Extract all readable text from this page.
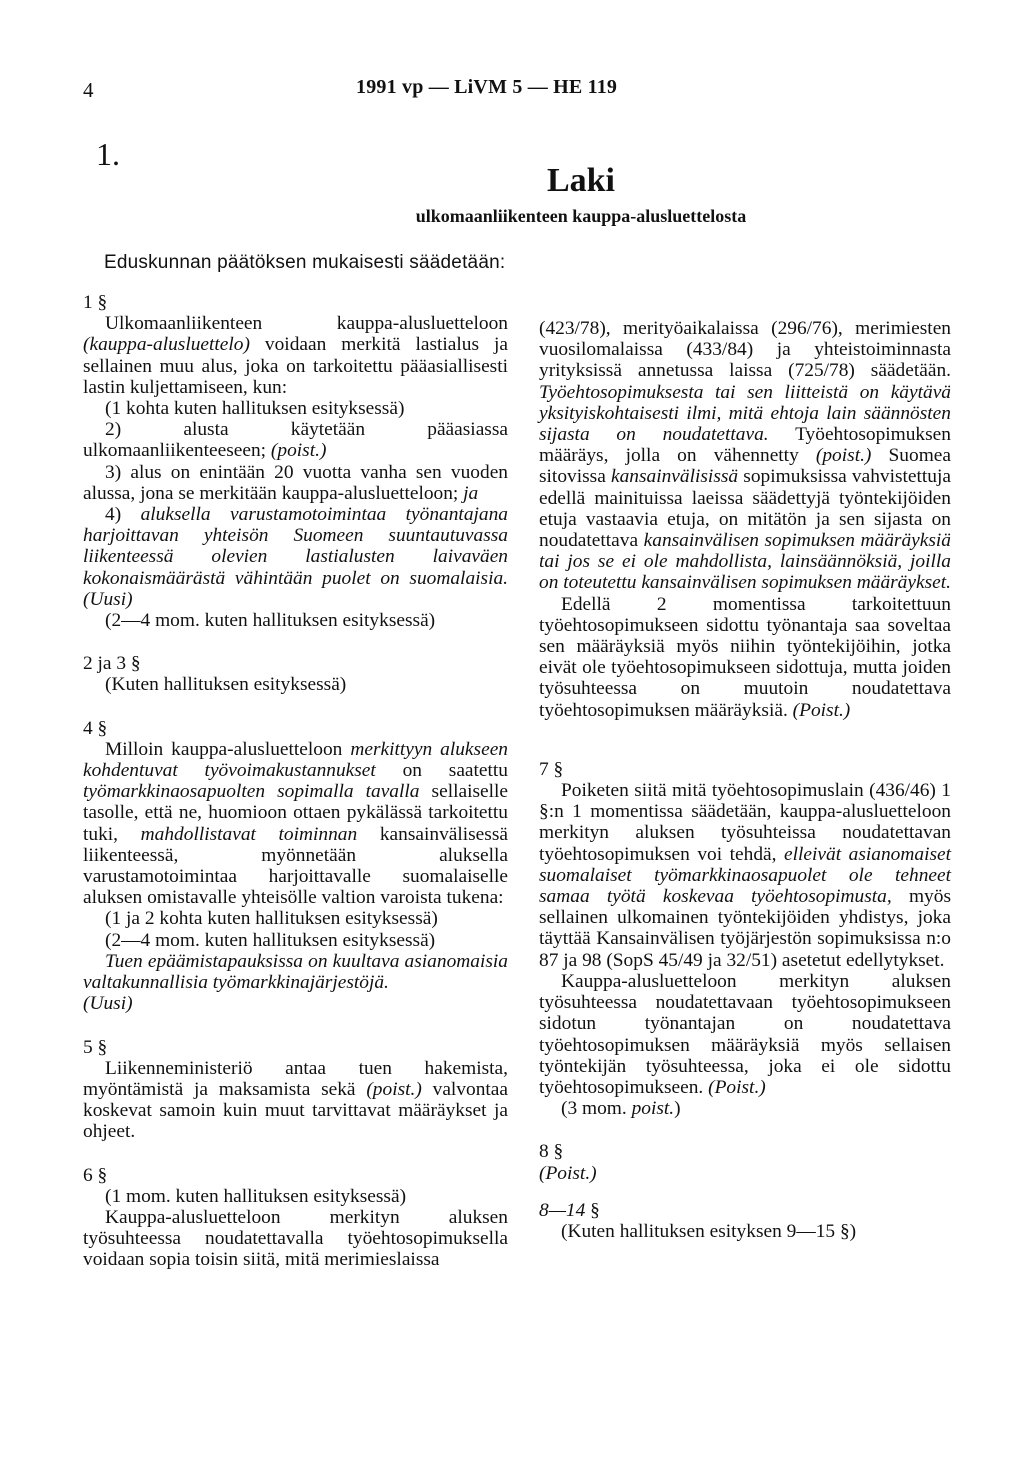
4	1991 vp — LiVM 5 — HE 119
1.
Laki
ulkomaanliikenteen kauppa-alusluettelosta
Eduskunnan päätöksen mukaisesti säädetään:

1 §

Ulkomaanliikenteen kauppa-alusluetteloon (kauppa-alusluettelo) voidaan merkitä lastialus ja sellainen muu alus, joka on tarkoitettu pääasiallisesti lastin kuljettamiseen, kun:

(1 kohta kuten hallituksen esityksessä)

2) alusta käytetään pääasiassa ulkomaanliikenteeseen; (poist.)

3) alus on enintään 20 vuotta vanha sen vuoden alussa, jona se merkitään kauppa-alusluetteloon; ja

4) aluksella varustamotoimintaa työnantajana harjoittavan yhteisön Suomeen suuntautuvassa liikenteessä olevien lastialusten laivaväen kokonaismäärästä vähintään puolet on suomalaisia. (Uusi)

(2—4 mom. kuten hallituksen esityksessä)

2 ja 3 §

(Kuten hallituksen esityksessä)

4 §

Milloin kauppa-alusluetteloon merkittyyn alukseen kohdentuvat työvoimakustannukset on saatettu työmarkkinaosapuolten sopimalla tavalla sellaiselle tasolle, että ne, huomioon ottaen pykälässä tarkoitettu tuki, mahdollistavat toiminnan kansainvälisessä liikenteessä, myönnetään aluksella varustamotoimintaa harjoittavalle suomalaiselle aluksen omistavalle yhteisölle valtion varoista tukena:

(1 ja 2 kohta kuten hallituksen esityksessä)

(2—4 mom. kuten hallituksen esityksessä)

Tuen epäämistapauksissa on kuultava asianomaisia valtakunnallisia työmarkkinajärjestöjä.

(Uusi)

5 §

Liikenneministeriö antaa tuen hakemista, myöntämistä ja maksamista sekä (poist.) valvontaa koskevat samoin kuin muut tarvittavat määräykset ja ohjeet.

6 §

(1 mom. kuten hallituksen esityksessä)

Kauppa-alusluetteloon merkityn aluksen työsuhteessa noudatettavalla työehtosopimuksella voidaan sopia toisin siitä, mitä merimieslaissa

(423/78), merityöaikalaissa (296/76), merimiesten vuosilomalaissa (433/84) ja yhteistoiminnasta yrityksissä annetussa laissa (725/78) säädetään. Työehtosopimuksesta tai sen liitteistä on käytävä yksityiskohtaisesti ilmi, mitä ehtoja lain säännösten sijasta on noudatettava. Työehtosopimuksen määräys, jolla on vähennetty (poist.) Suomea sitovissa kansainvälisissä sopimuksissa vahvistettuja edellä mainituissa laeissa säädettyjä työntekijöiden etuja vastaavia etuja, on mitätön ja sen sijasta on noudatettava kansainvälisen sopimuksen määräyksiä tai jos se ei ole mahdollista, lainsäännöksiä, joilla on toteutettu kansainvälisen sopimuksen määräykset.

Edellä 2 momentissa tarkoitettuun työehtosopimukseen sidottu työnantaja saa soveltaa sen määräyksiä myös niihin työntekijöihin, jotka eivät ole työehtosopimukseen sidottuja, mutta joiden työsuhteessa on muutoin noudatettava työehtosopimuksen määräyksiä. (Poist.)

7 §

Poiketen siitä mitä työehtosopimuslain (436/46) 1 §:n 1 momentissa säädetään, kauppa-alusluetteloon merkityn aluksen työsuhteissa noudatettavan työehtosopimuksen voi tehdä, elleivät asianomaiset suomalaiset työmarkkinaosapuolet ole tehneet samaa työtä koskevaa työehtosopimusta, myös sellainen ulkomainen työntekijöiden yhdistys, joka täyttää Kansainvälisen työjärjestön sopimuksissa n:o 87 ja 98 (SopS 45/49 ja 32/51) asetetut edellytykset.

Kauppa-alusluetteloon merkityn aluksen työsuhteessa noudatettavaan työehtosopimukseen sidotun työnantajan on noudatettava työehtosopimuksen määräyksiä myös sellaisen työntekijän työsuhteessa, joka ei ole sidottu työehtosopimukseen. (Poist.)

(3 mom. poist.)

8 §

(Poist.)

8—14 §

(Kuten hallituksen esityksen 9—15 §)
